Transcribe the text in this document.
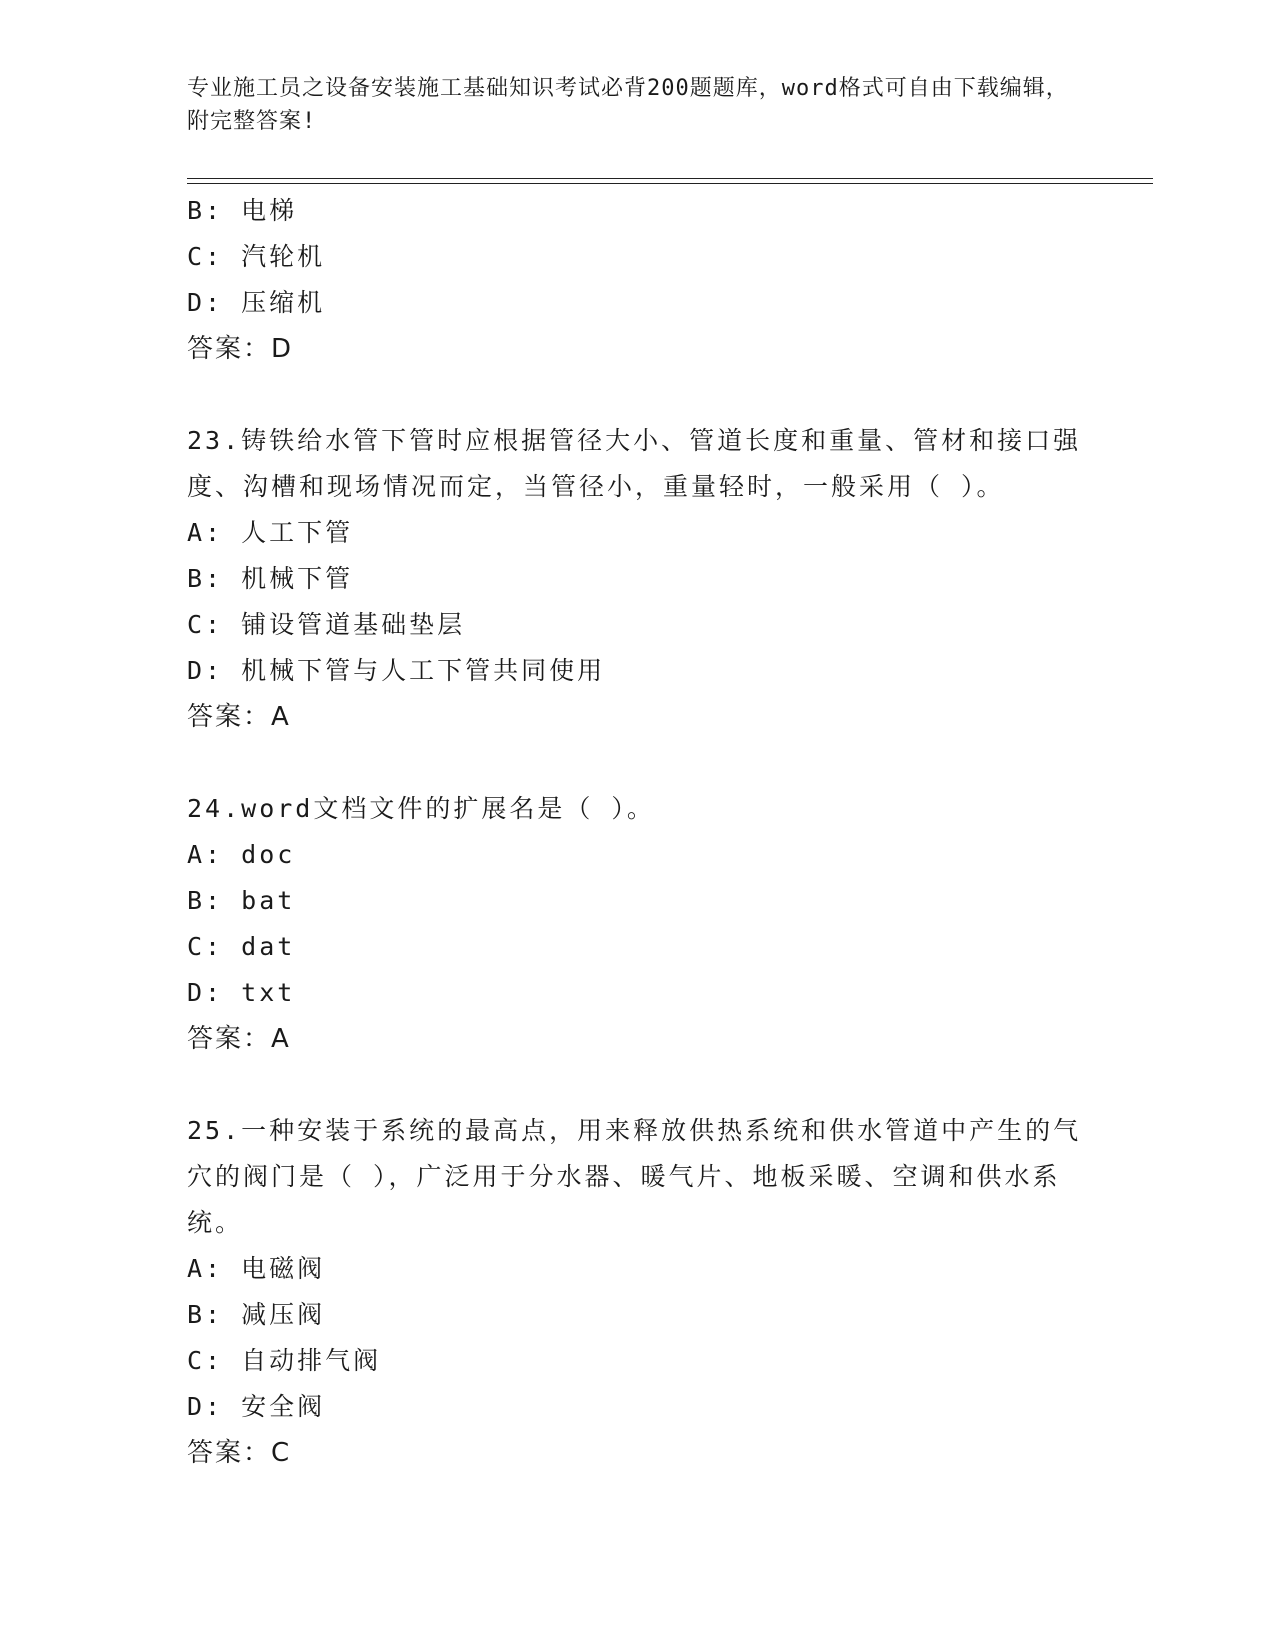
专业施工员之设备安装施工基础知识考试必背200题题库，word格式可自由下载编辑，附完整答案!
B: 电梯
C: 汽轮机
D: 压缩机
答案：D
23.铸铁给水管下管时应根据管径大小、管道长度和重量、管材和接口强度、沟槽和现场情况而定，当管径小，重量轻时，一般采用（ ）。
A: 人工下管
B: 机械下管
C: 铺设管道基础垫层
D: 机械下管与人工下管共同使用
答案：A
24.word文档文件的扩展名是（ ）。
A: doc
B: bat
C: dat
D: txt
答案：A
25.一种安装于系统的最高点，用来释放供热系统和供水管道中产生的气穴的阀门是（ ），广泛用于分水器、暖气片、地板采暖、空调和供水系统。
A: 电磁阀
B: 减压阀
C: 自动排气阀
D: 安全阀
答案：C
